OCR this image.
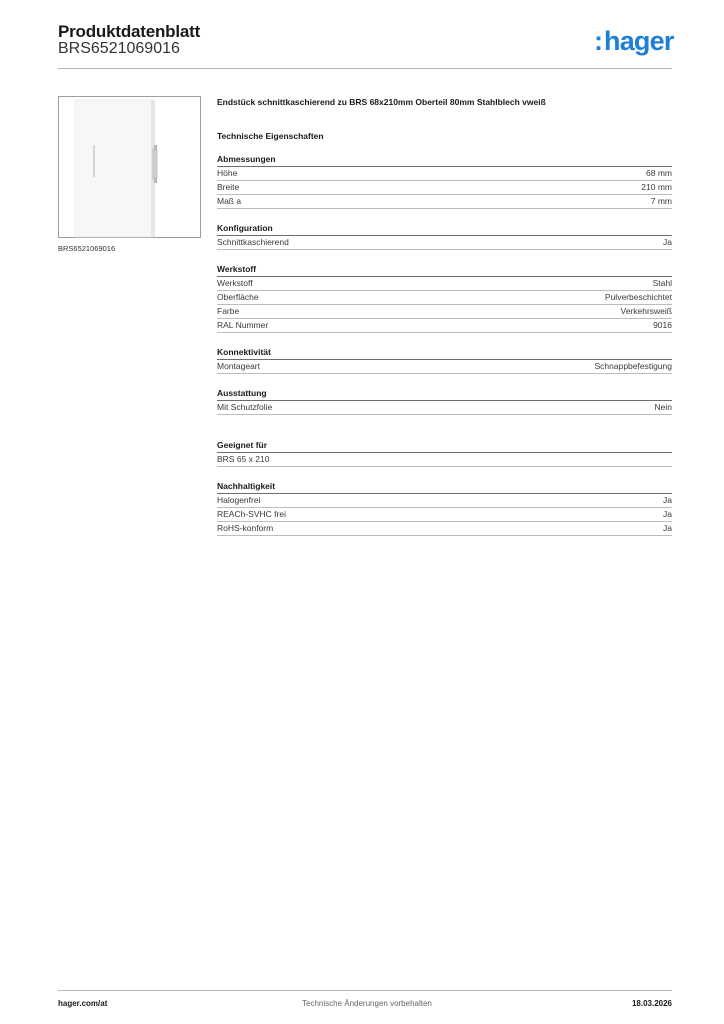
Produktdatenblatt
BRS6521069016	:hager
BRS6521069016
Endstück schnittkaschierend zu BRS 68x210mm Oberteil 80mm Stahlblech vweiß
Technische Eigenschaften
Abmessungen
Höhe	68 mm
Breite	210 mm
Maß a	7 mm
Konfiguration
Schnittkaschierend	Ja
Werkstoff
Werkstoff	Stahl
Oberfläche	Pulverbeschichtet
Farbe	Verkehrsweiß
RAL Nummer	9016
Konnektivität
Montageart	Schnappbefestigung
Ausstattung
Mit Schutzfolie	Nein
Geeignet für
BRS 65 x 210
Nachhaltigkeit
Halogenfrei	Ja
REACh-SVHC frei	Ja
RoHS-konform	Ja
hager.com/at	Technische Änderungen vorbehalten	18.03.2026
